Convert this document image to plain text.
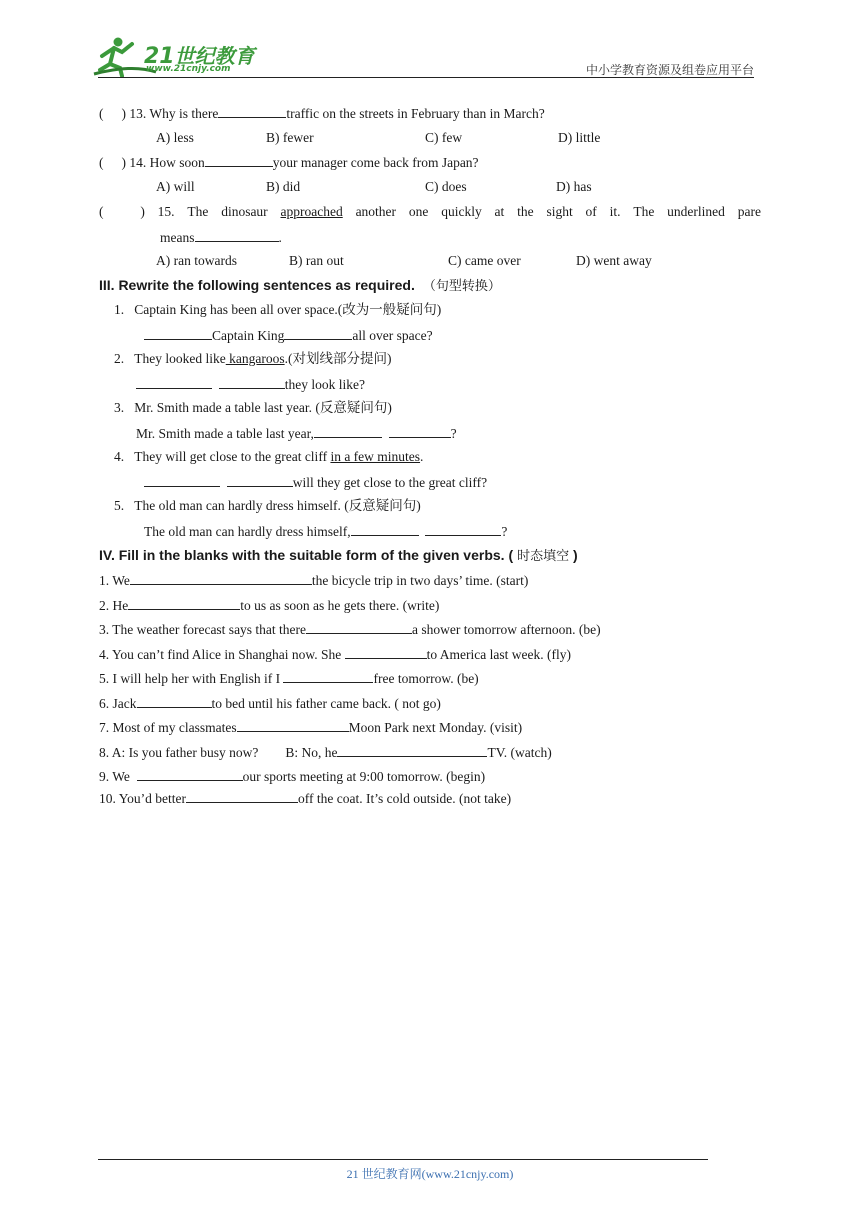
21世纪教育
www.21cnjy.com	中小学教育资源及组卷应用平台
( ) 13. Why is there	traffic on the streets in February than in March?
A) less	B) fewer	C) few	D) little
( ) 14. How soon	your manager come back from Japan?
A) will	B) did	C) does	D) has
(	) 15. The dinosaur approached another one quickly at the sight of it. The underlined pare
means	.
A) ran towards	B) ran out	C) came over	D) went away
III. Rewrite the following sentences as required. （句型转换）
1. Captain King has been all over space.(改为一般疑问句)
Captain King	all over space?
2. They looked like kangaroos.(对划线部分提问)
they look like?
3. Mr. Smith made a table last year. (反意疑问句)
Mr. Smith made a table last year,	?
4. They will get close to the great cliff in a few minutes.
will they get close to the great cliff?
5. The old man can hardly dress himself. (反意疑问句)
The old man can hardly dress himself,	?
IV. Fill in the blanks with the suitable form of the given verbs. ( 时态填空 )
1. We	the bicycle trip in two days’ time. (start)
2. He	to us as soon as he gets there. (write)
3. The weather forecast says that there	a shower tomorrow afternoon. (be)
4. You can’t find Alice in Shanghai now. She	to America last week. (fly)
5. I will help her with English if I	free tomorrow. (be)
6. Jack	to bed until his father came back. ( not go)
7. Most of my classmates	Moon Park next Monday. (visit)
8. A: Is you father busy now?        B: No, he	TV. (watch)
9. We	our sports meeting at 9:00 tomorrow. (begin)
10. You’d better	off the coat. It’s cold outside. (not take)
21 世纪教育网(www.21cnjy.com)
